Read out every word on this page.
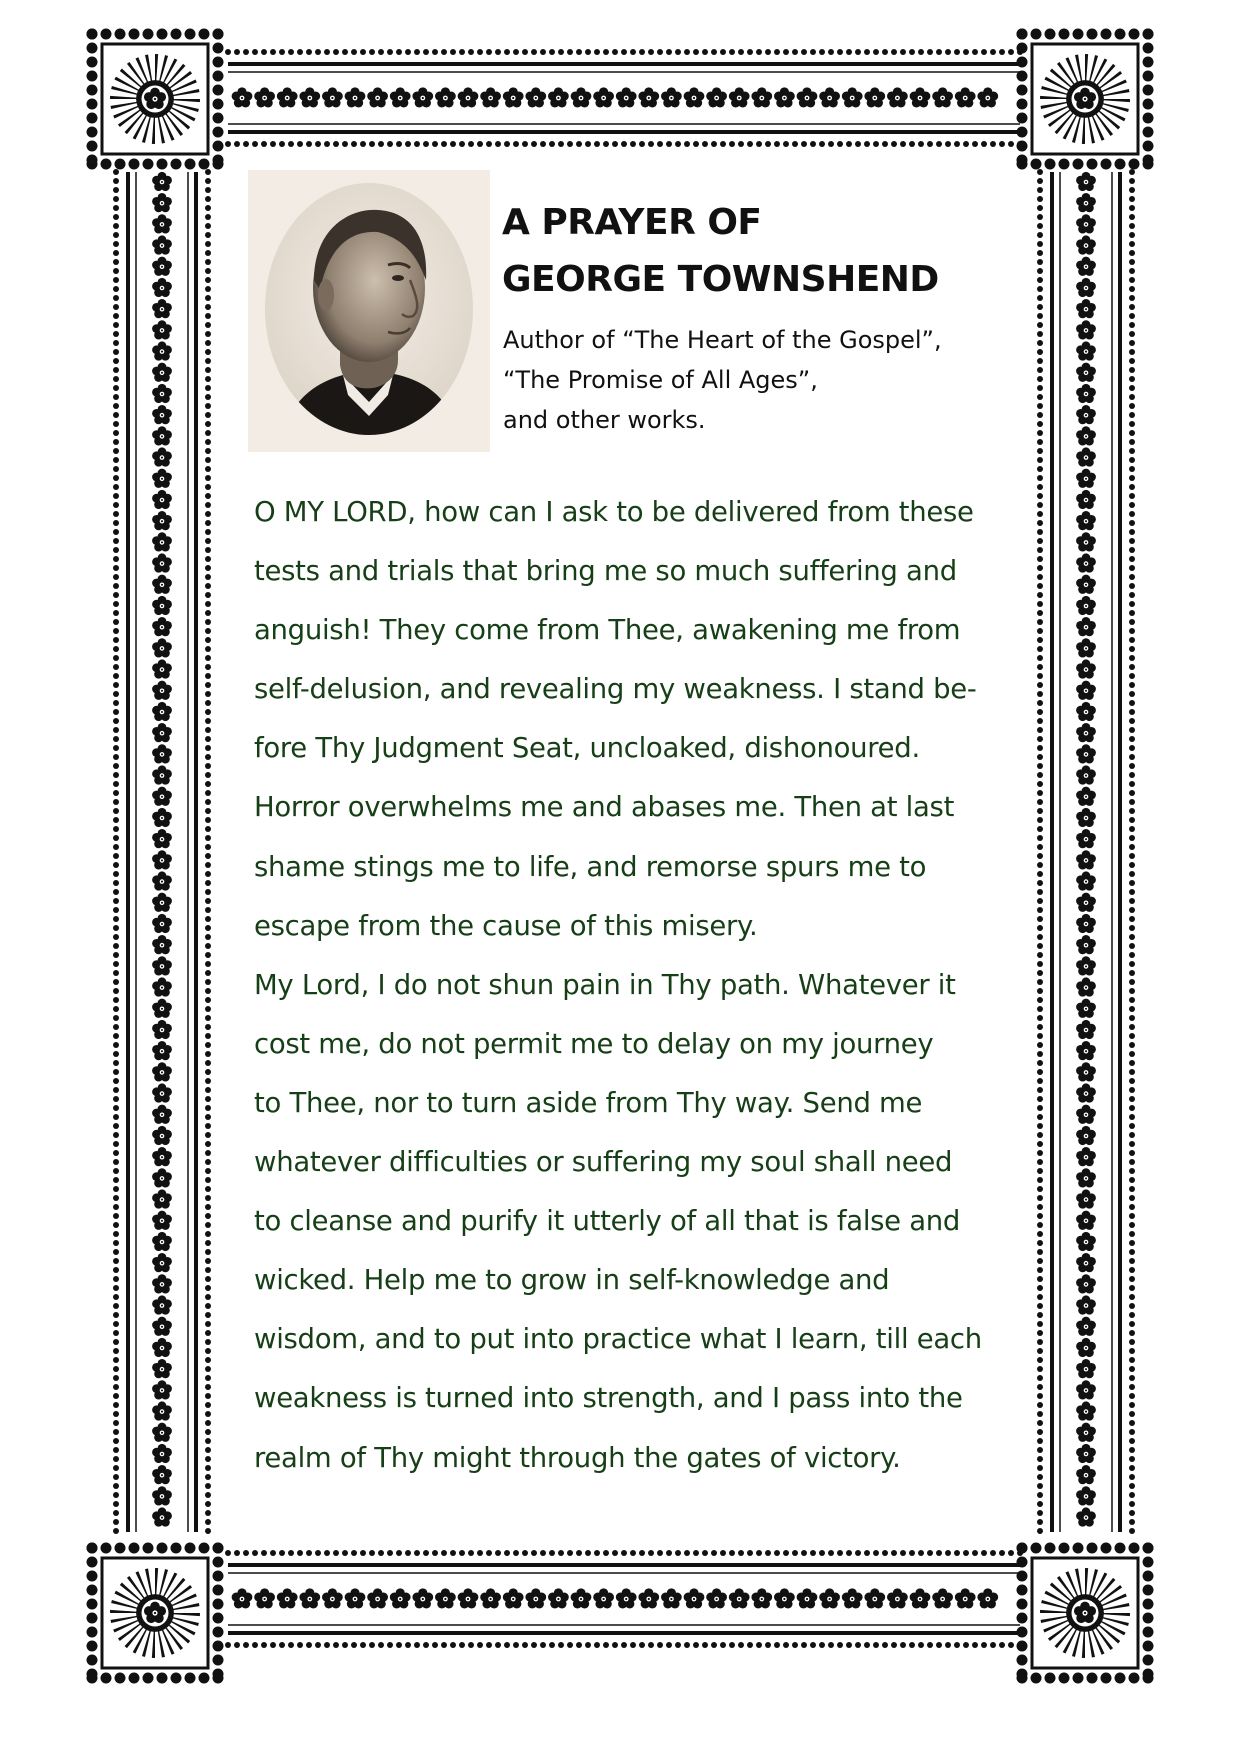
A PRAYER OF
GEORGE TOWNSHEND
Author of “The Heart of the Gospel”,
“The Promise of All Ages”,
and other works.
O MY LORD, how can I ask to be delivered from these
tests and trials that bring me so much suffering and
anguish! They come from Thee, awakening me from
self-delusion, and revealing my weakness. I stand be-
fore Thy Judgment Seat, uncloaked, dishonoured.
Horror overwhelms me and abases me. Then at last
shame stings me to life, and remorse spurs me to
escape from the cause of this misery.
My Lord, I do not shun pain in Thy path. Whatever it
cost me, do not permit me to delay on my journey
to Thee, nor to turn aside from Thy way. Send me
whatever difficulties or suffering my soul shall need
to cleanse and purify it utterly of all that is false and
wicked. Help me to grow in self-knowledge and
wisdom, and to put into practice what I learn, till each
weakness is turned into strength, and I pass into the
realm of Thy might through the gates of victory.
